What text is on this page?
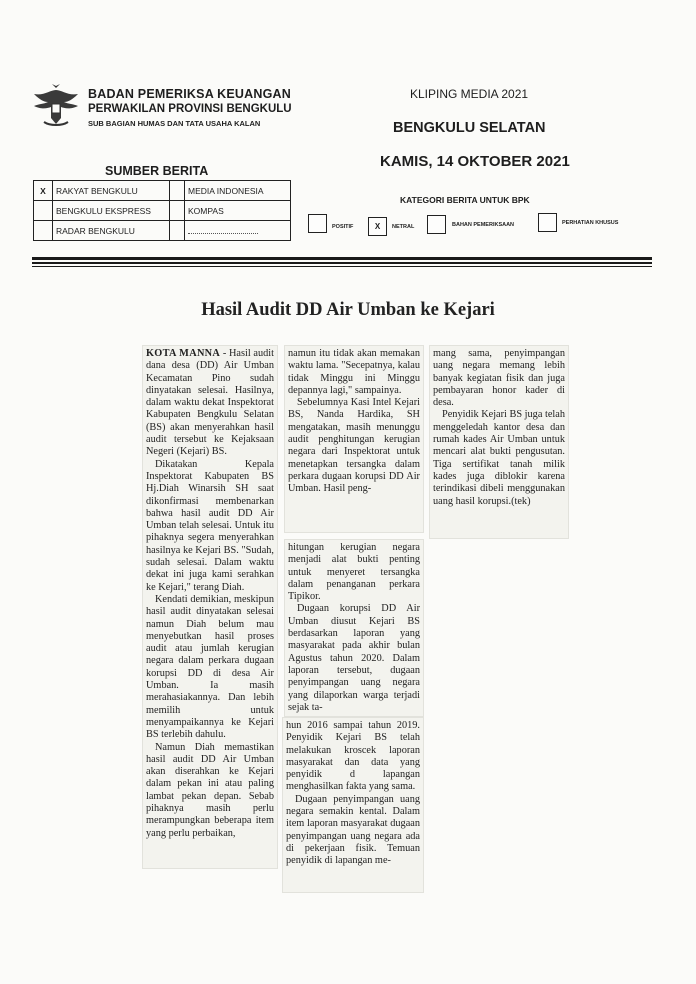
BADAN PEMERIKSA KEUANGAN
PERWAKILAN PROVINSI BENGKULU
SUB BAGIAN HUMAS DAN TATA USAHA KALAN
KLIPING MEDIA 2021
BENGKULU SELATAN
KAMIS, 14 OKTOBER 2021
SUMBER BERITA
X	RAKYAT BENGKULU		MEDIA INDONESIA
	BENGKULU EKSPRESS		KOMPAS
	RADAR BENGKULU		
KATEGORI BERITA UNTUK BPK
POSITIF	X	NETRAL	BAHAN PEMERIKSAAN	PERHATIAN KHUSUS
Hasil Audit DD Air Umban ke Kejari

KOTA MANNA - Hasil audit dana desa (DD) Air Umban Kecamatan Pino sudah dinyatakan selesai. Hasilnya, dalam waktu dekat Inspektorat Kabupaten Bengkulu Selatan (BS) akan menyerahkan hasil audit tersebut ke Kejaksaan Negeri (Kejari) BS.

Dikatakan Kepala Inspektorat Kabupaten BS Hj.Diah Winarsih SH saat dikonfirmasi membenarkan bahwa hasil audit DD Air Umban telah selesai. Untuk itu pihaknya segera menyerahkan hasilnya ke Kejari BS. "Sudah, sudah selesai. Dalam waktu dekat ini juga kami serahkan ke Kejari," terang Diah.

Kendati demikian, meskipun hasil audit dinyatakan selesai namun Diah belum mau menyebutkan hasil proses audit atau jumlah kerugian negara dalam perkara dugaan korupsi DD di desa Air Umban. Ia masih merahasiakannya. Dan lebih memilih untuk menyampaikannya ke Kejari BS terlebih dahulu.

Namun Diah memastikan hasil audit DD Air Umban akan diserahkan ke Kejari dalam pekan ini atau paling lambat pekan depan. Sebab pihaknya masih perlu merampungkan beberapa item yang perlu perbaikan,

namun itu tidak akan memakan waktu lama. "Secepatnya, kalau tidak Minggu ini Minggu depannya lagi," sampainya.

Sebelumnya Kasi Intel Kejari BS, Nanda Hardika, SH mengatakan, masih menunggu audit penghitungan kerugian negara dari Inspektorat untuk menetapkan tersangka dalam perkara dugaan korupsi DD Air Umban. Hasil peng-

hitungan kerugian negara menjadi alat bukti penting untuk menyeret tersangka dalam penanganan perkara Tipikor.

Dugaan korupsi DD Air Umban diusut Kejari BS berdasarkan laporan yang masyarakat pada akhir bulan Agustus tahun 2020. Dalam laporan tersebut, dugaan penyimpangan uang negara yang dilaporkan warga terjadi sejak ta-

hun 2016 sampai tahun 2019. Penyidik Kejari BS telah melakukan kroscek laporan masyarakat dan data yang penyidik d lapangan menghasilkan fakta yang sama.

Dugaan penyimpangan uang negara semakin kental. Dalam item laporan masyarakat dugaan penyimpangan uang negara ada di pekerjaan fisik. Temuan penyidik di lapangan me-

mang sama, penyimpangan uang negara memang lebih banyak kegiatan fisik dan juga pembayaran honor kader di desa.

Penyidik Kejari BS juga telah menggeledah kantor desa dan rumah kades Air Umban untuk mencari alat bukti pengusutan. Tiga sertifikat tanah milik kades juga diblokir karena terindikasi dibeli menggunakan uang hasil korupsi.(tek)
